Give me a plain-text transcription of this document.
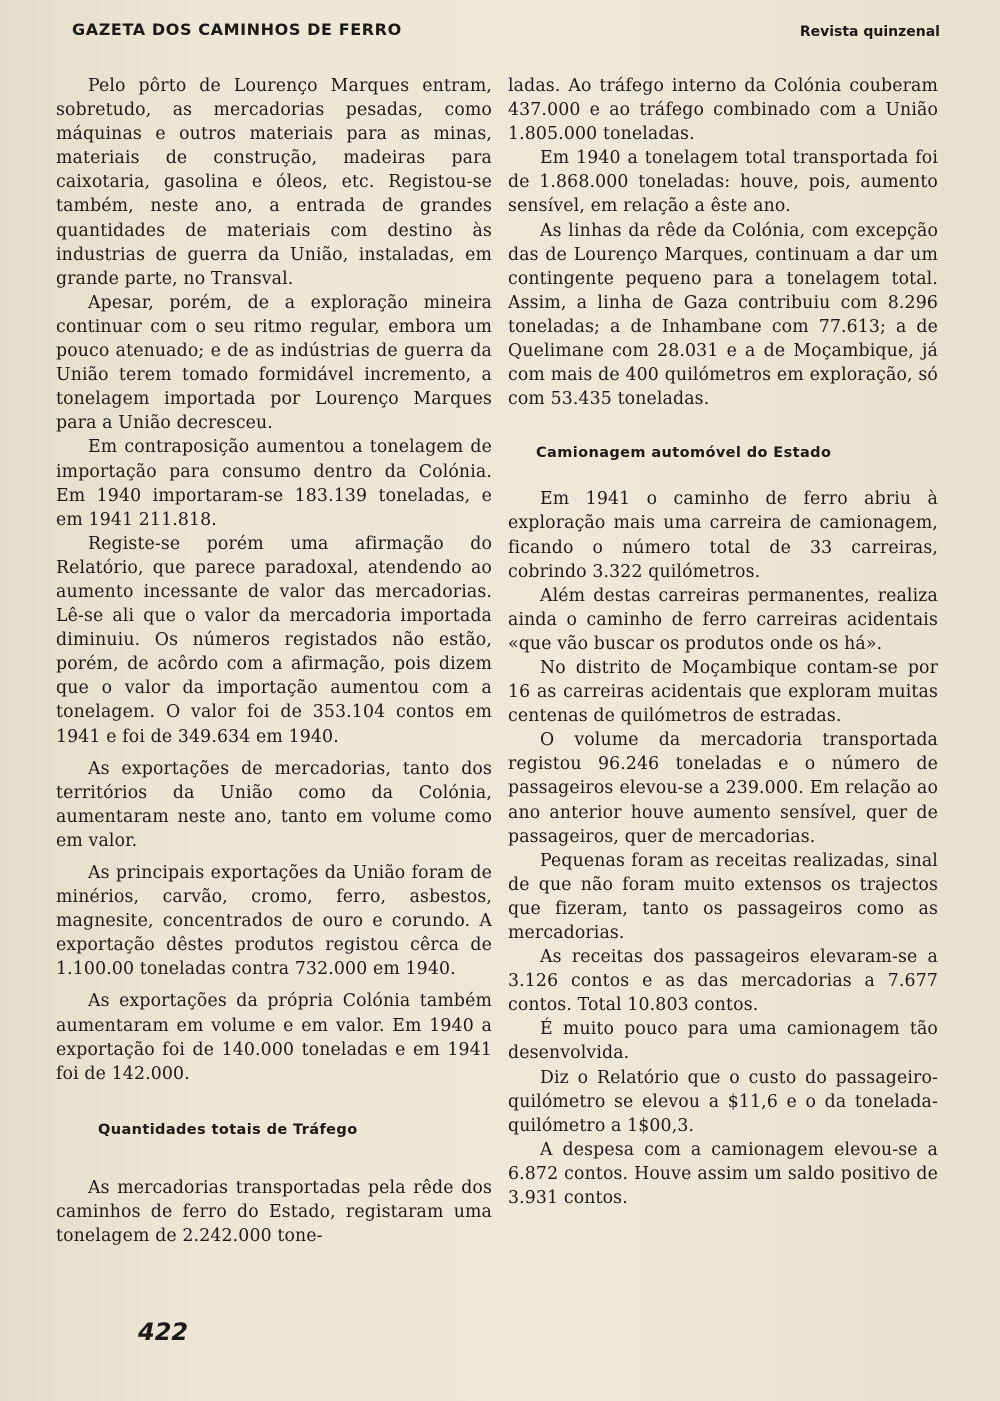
GAZETA DOS CAMINHOS DE FERRO	Revista quinzenal

Pelo pôrto de Lourenço Marques entram, sobretudo, as mercadorias pesadas, como máquinas e outros materiais para as minas, materiais de construção, madeiras para caixotaria, gasolina e óleos, etc. Registou-se também, neste ano, a entrada de grandes quantidades de materiais com destino às industrias de guerra da União, instaladas, em grande parte, no Transval.

Apesar, porém, de a exploração mineira continuar com o seu ritmo regular, embora um pouco atenuado; e de as indústrias de guerra da União terem tomado formidável incremento, a tonelagem importada por Lourenço Marques para a União decresceu.

Em contraposição aumentou a tonelagem de importação para consumo dentro da Colónia. Em 1940 importaram-se 183.139 toneladas, e em 1941 211.818.

Registe-se porém uma afirmação do Relatório, que parece paradoxal, atendendo ao aumento incessante de valor das mercadorias. Lê-se ali que o valor da mercadoria importada diminuiu. Os números registados não estão, porém, de acôrdo com a afirmação, pois dizem que o valor da importação aumentou com a tonelagem. O valor foi de 353.104 contos em 1941 e foi de 349.634 em 1940.

As exportações de mercadorias, tanto dos territórios da União como da Colónia, aumentaram neste ano, tanto em volume como em valor.

As principais exportações da União foram de minérios, carvão, cromo, ferro, asbestos, magnesite, concentrados de ouro e corundo. A exportação dêstes produtos registou cêrca de 1.100.00 toneladas contra 732.000 em 1940.

As exportações da própria Colónia também aumentaram em volume e em valor. Em 1940 a exportação foi de 140.000 toneladas e em 1941 foi de 142.000.

Quantidades totais de Tráfego

As mercadorias transportadas pela rêde dos caminhos de ferro do Estado, registaram uma tonelagem de 2.242.000 tone-

ladas. Ao tráfego interno da Colónia couberam 437.000 e ao tráfego combinado com a União 1.805.000 toneladas.

Em 1940 a tonelagem total transportada foi de 1.868.000 toneladas: houve, pois, aumento sensível, em relação a êste ano.

As linhas da rêde da Colónia, com excepção das de Lourenço Marques, continuam a dar um contingente pequeno para a tonelagem total. Assim, a linha de Gaza contribuiu com 8.296 toneladas; a de Inhambane com 77.613; a de Quelimane com 28.031 e a de Moçambique, já com mais de 400 quilómetros em exploração, só com 53.435 toneladas.

Camionagem automóvel do Estado

Em 1941 o caminho de ferro abriu à exploração mais uma carreira de camionagem, ficando o número total de 33 carreiras, cobrindo 3.322 quilómetros.

Além destas carreiras permanentes, realiza ainda o caminho de ferro carreiras acidentais «que vão buscar os produtos onde os há».

No distrito de Moçambique contam-se por 16 as carreiras acidentais que exploram muitas centenas de quilómetros de estradas.

O volume da mercadoria transportada registou 96.246 toneladas e o número de passageiros elevou-se a 239.000. Em relação ao ano anterior houve aumento sensível, quer de passageiros, quer de mercadorias.

Pequenas foram as receitas realizadas, sinal de que não foram muito extensos os trajectos que fizeram, tanto os passageiros como as mercadorias.

As receitas dos passageiros elevaram-se a 3.126 contos e as das mercadorias a 7.677 contos. Total 10.803 contos.

É muito pouco para uma camionagem tão desenvolvida.

Diz o Relatório que o custo do passageiro-quilómetro se elevou a $11,6 e o da tonelada-quilómetro a 1$00,3.

A despesa com a camionagem elevou-se a 6.872 contos. Houve assim um saldo positivo de 3.931 contos.

422
